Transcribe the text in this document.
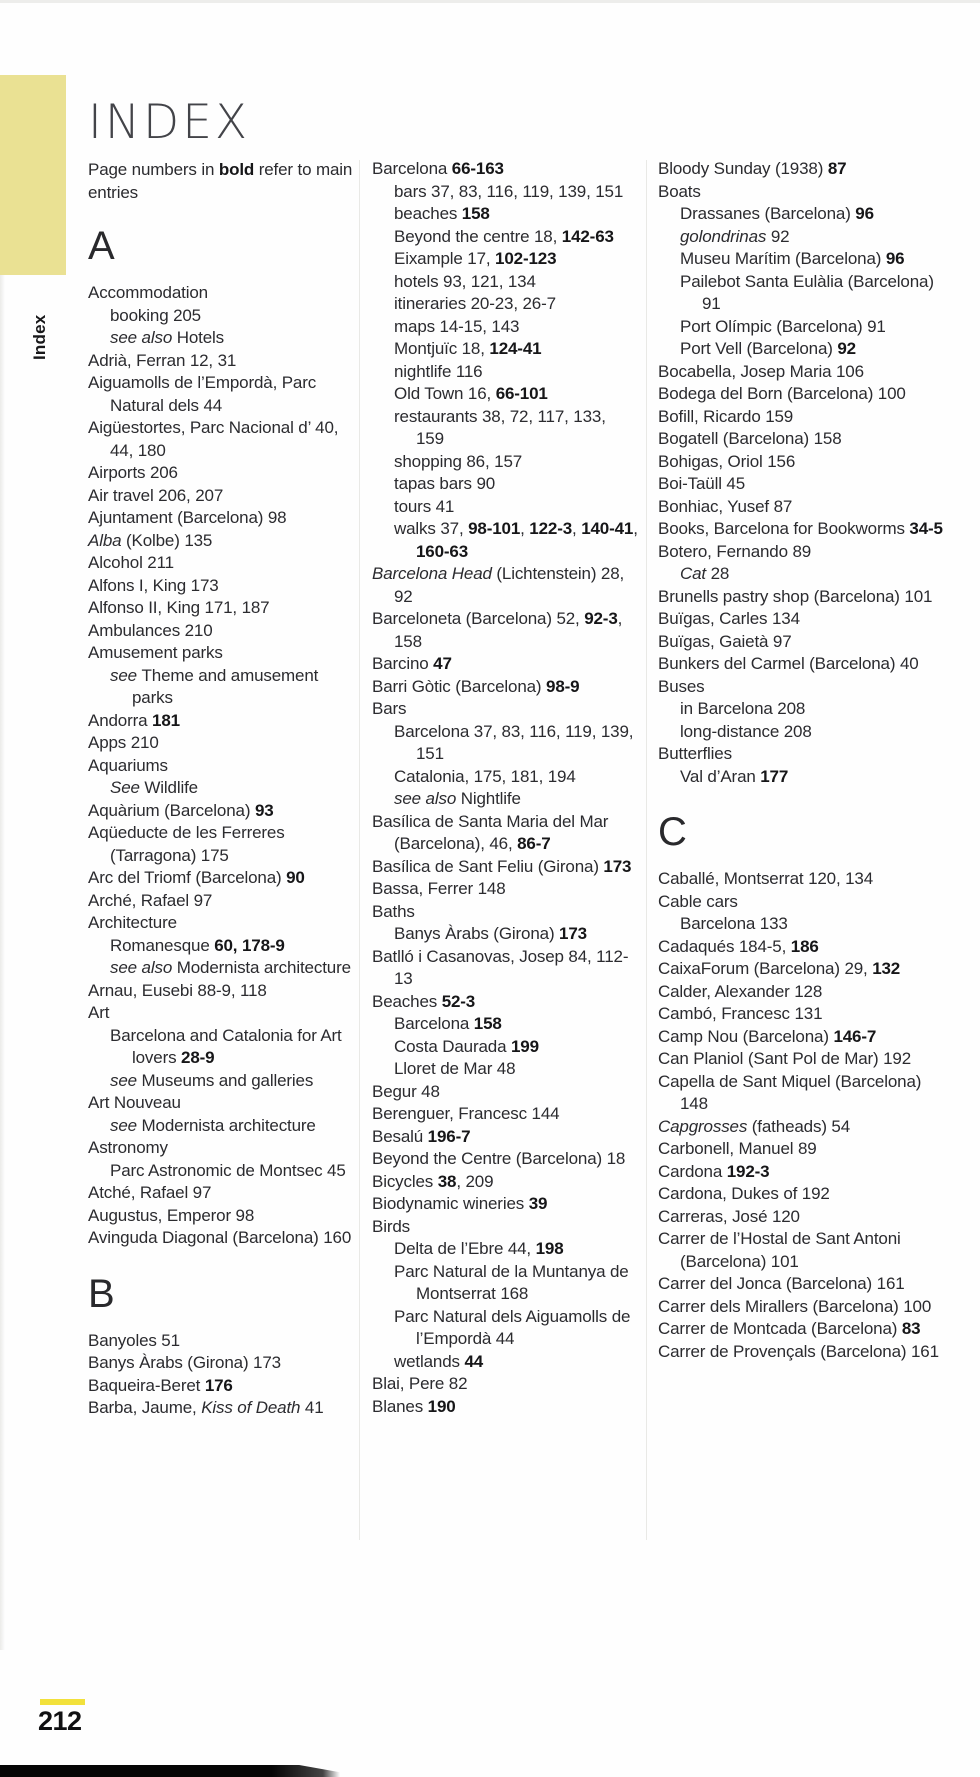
Index
INDEX

Page numbers in bold refer to main entries

A
Accommodation
booking 205
see also Hotels
Adrià, Ferran 12, 31
Aiguamolls de l’Empordà, Parc Natural dels 44
Aigüestortes, Parc Nacional d’ 40, 44, 180
Airports 206
Air travel 206, 207
Ajuntament (Barcelona) 98
Alba (Kolbe) 135
Alcohol 211
Alfons I, King 173
Alfonso II, King 171, 187
Ambulances 210
Amusement parks
see Theme and amusement parks
Andorra 181
Apps 210
Aquariums
See Wildlife
Aquàrium (Barcelona) 93
Aqüeducte de les Ferreres (Tarragona) 175
Arc del Triomf (Barcelona) 90
Arché, Rafael 97
Architecture
Romanesque 60, 178-9
see also Modernista architecture
Arnau, Eusebi 88-9, 118
Art
Barcelona and Catalonia for Art lovers 28-9
see Museums and galleries
Art Nouveau
see Modernista architecture
Astronomy
Parc Astronomic de Montsec 45
Atché, Rafael 97
Augustus, Emperor 98
Avinguda Diagonal (Barcelona) 160
B
Banyoles 51
Banys Àrabs (Girona) 173
Baqueira-Beret 176
Barba, Jaume, Kiss of Death 41
Barcelona 66-163
bars 37, 83, 116, 119, 139, 151
beaches 158
Beyond the centre 18, 142-63
Eixample 17, 102-123
hotels 93, 121, 134
itineraries 20-23, 26-7
maps 14-15, 143
Montjuïc 18, 124-41
nightlife 116
Old Town 16, 66-101
restaurants 38, 72, 117, 133, 159
shopping 86, 157
tapas bars 90
tours 41
walks 37, 98-101, 122-3, 140-41, 160-63
Barcelona Head (Lichtenstein) 28, 92
Barceloneta (Barcelona) 52, 92-3, 158
Barcino 47
Barri Gòtic (Barcelona) 98-9
Bars
Barcelona 37, 83, 116, 119, 139, 151
Catalonia, 175, 181, 194
see also Nightlife
Basílica de Santa Maria del Mar (Barcelona), 46, 86-7
Basílica de Sant Feliu (Girona) 173
Bassa, Ferrer 148
Baths
Banys Àrabs (Girona) 173
Batlló i Casanovas, Josep 84, 112-13
Beaches 52-3
Barcelona 158
Costa Daurada 199
Lloret de Mar 48
Begur 48
Berenguer, Francesc 144
Besalú 196-7
Beyond the Centre (Barcelona) 18
Bicycles 38, 209
Biodynamic wineries 39
Birds
Delta de l’Ebre 44, 198
Parc Natural de la Muntanya de Montserrat 168
Parc Natural dels Aiguamolls de l’Empordà 44
wetlands 44
Blai, Pere 82
Blanes 190
Bloody Sunday (1938) 87
Boats
Drassanes (Barcelona) 96
golondrinas 92
Museu Marítim (Barcelona) 96
Pailebot Santa Eulàlia (Barcelona) 91
Port Olímpic (Barcelona) 91
Port Vell (Barcelona) 92
Bocabella, Josep Maria 106
Bodega del Born (Barcelona) 100
Bofill, Ricardo 159
Bogatell (Barcelona) 158
Bohigas, Oriol 156
Boi-Taüll 45
Bonhiac, Yusef 87
Books, Barcelona for Bookworms 34-5
Botero, Fernando 89
Cat 28
Brunells pastry shop (Barcelona) 101
Buïgas, Carles 134
Buïgas, Gaietà 97
Bunkers del Carmel (Barcelona) 40
Buses
in Barcelona 208
long-distance 208
Butterflies
Val d’Aran 177
C
Caballé, Montserrat 120, 134
Cable cars
Barcelona 133
Cadaqués 184-5, 186
CaixaForum (Barcelona) 29, 132
Calder, Alexander 128
Cambó, Francesc 131
Camp Nou (Barcelona) 146-7
Can Planiol (Sant Pol de Mar) 192
Capella de Sant Miquel (Barcelona) 148
Capgrosses (fatheads) 54
Carbonell, Manuel 89
Cardona 192-3
Cardona, Dukes of 192
Carreras, José 120
Carrer de l’Hostal de Sant Antoni (Barcelona) 101
Carrer del Jonca (Barcelona) 161
Carrer dels Mirallers (Barcelona) 100
Carrer de Montcada (Barcelona) 83
Carrer de Provençals (Barcelona) 161
212
